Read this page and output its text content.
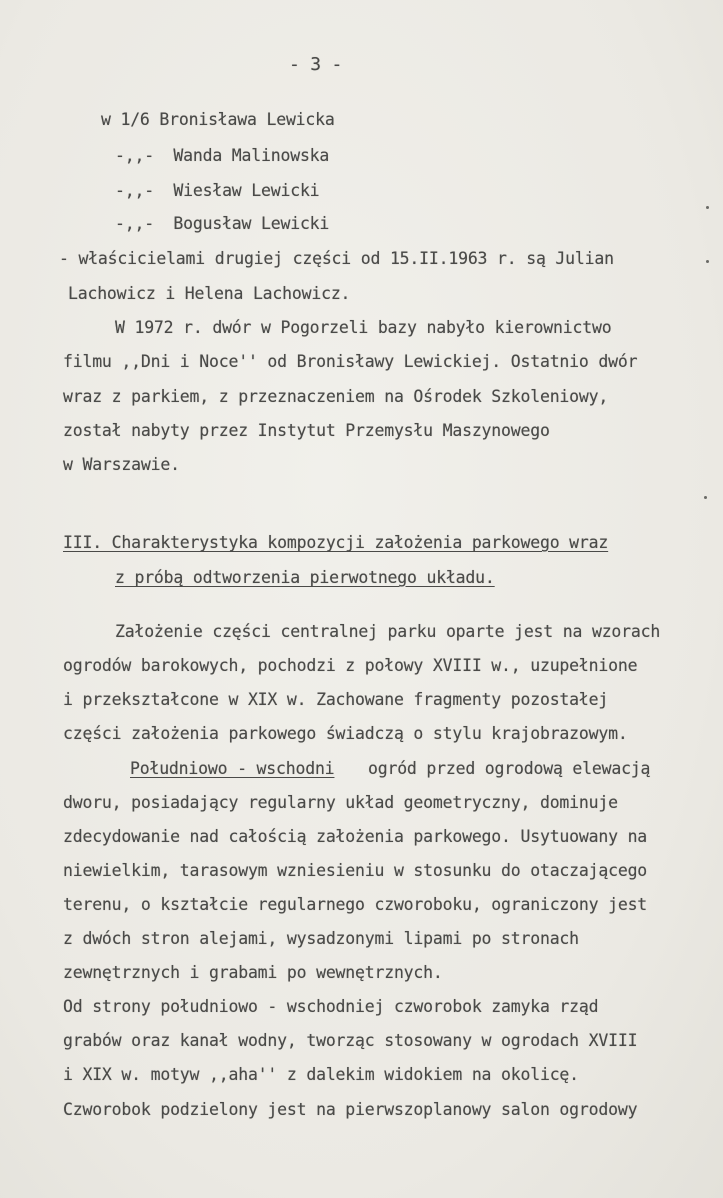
- 3 -
w 1/6 Bronisława Lewicka
-,,-  Wanda Malinowska
-,,-  Wiesław Lewicki
-,,-  Bogusław Lewicki
- właścicielami drugiej części od 15.II.1963 r. są Julian
Lachowicz i Helena Lachowicz.
W 1972 r. dwór w Pogorzeli bazy nabyło kierownictwo
filmu ,,Dni i Noce'' od Bronisławy Lewickiej. Ostatnio dwór
wraz z parkiem, z przeznaczeniem na Ośrodek Szkoleniowy,
został nabyty przez Instytut Przemysłu Maszynowego
w Warszawie.
III. Charakterystyka kompozycji założenia parkowego wraz
z próbą odtworzenia pierwotnego układu.
Założenie części centralnej parku oparte jest na wzorach
ogrodów barokowych, pochodzi z połowy XVIII w., uzupełnione
i przekształcone w XIX w. Zachowane fragmenty pozostałej
części założenia parkowego świadczą o stylu krajobrazowym.
Południowo - wschodni ogród przed ogrodową elewacją
dworu, posiadający regularny układ geometryczny, dominuje
zdecydowanie nad całością założenia parkowego. Usytuowany na
niewielkim, tarasowym wzniesieniu w stosunku do otaczającego
terenu, o kształcie regularnego czworoboku, ograniczony jest
z dwóch stron alejami, wysadzonymi lipami po stronach
zewnętrznych i grabami po wewnętrznych.
Od strony południowo - wschodniej czworobok zamyka rząd
grabów oraz kanał wodny, tworząc stosowany w ogrodach XVIII
i XIX w. motyw ,,aha'' z dalekim widokiem na okolicę.
Czworobok podzielony jest na pierwszoplanowy salon ogrodowy
